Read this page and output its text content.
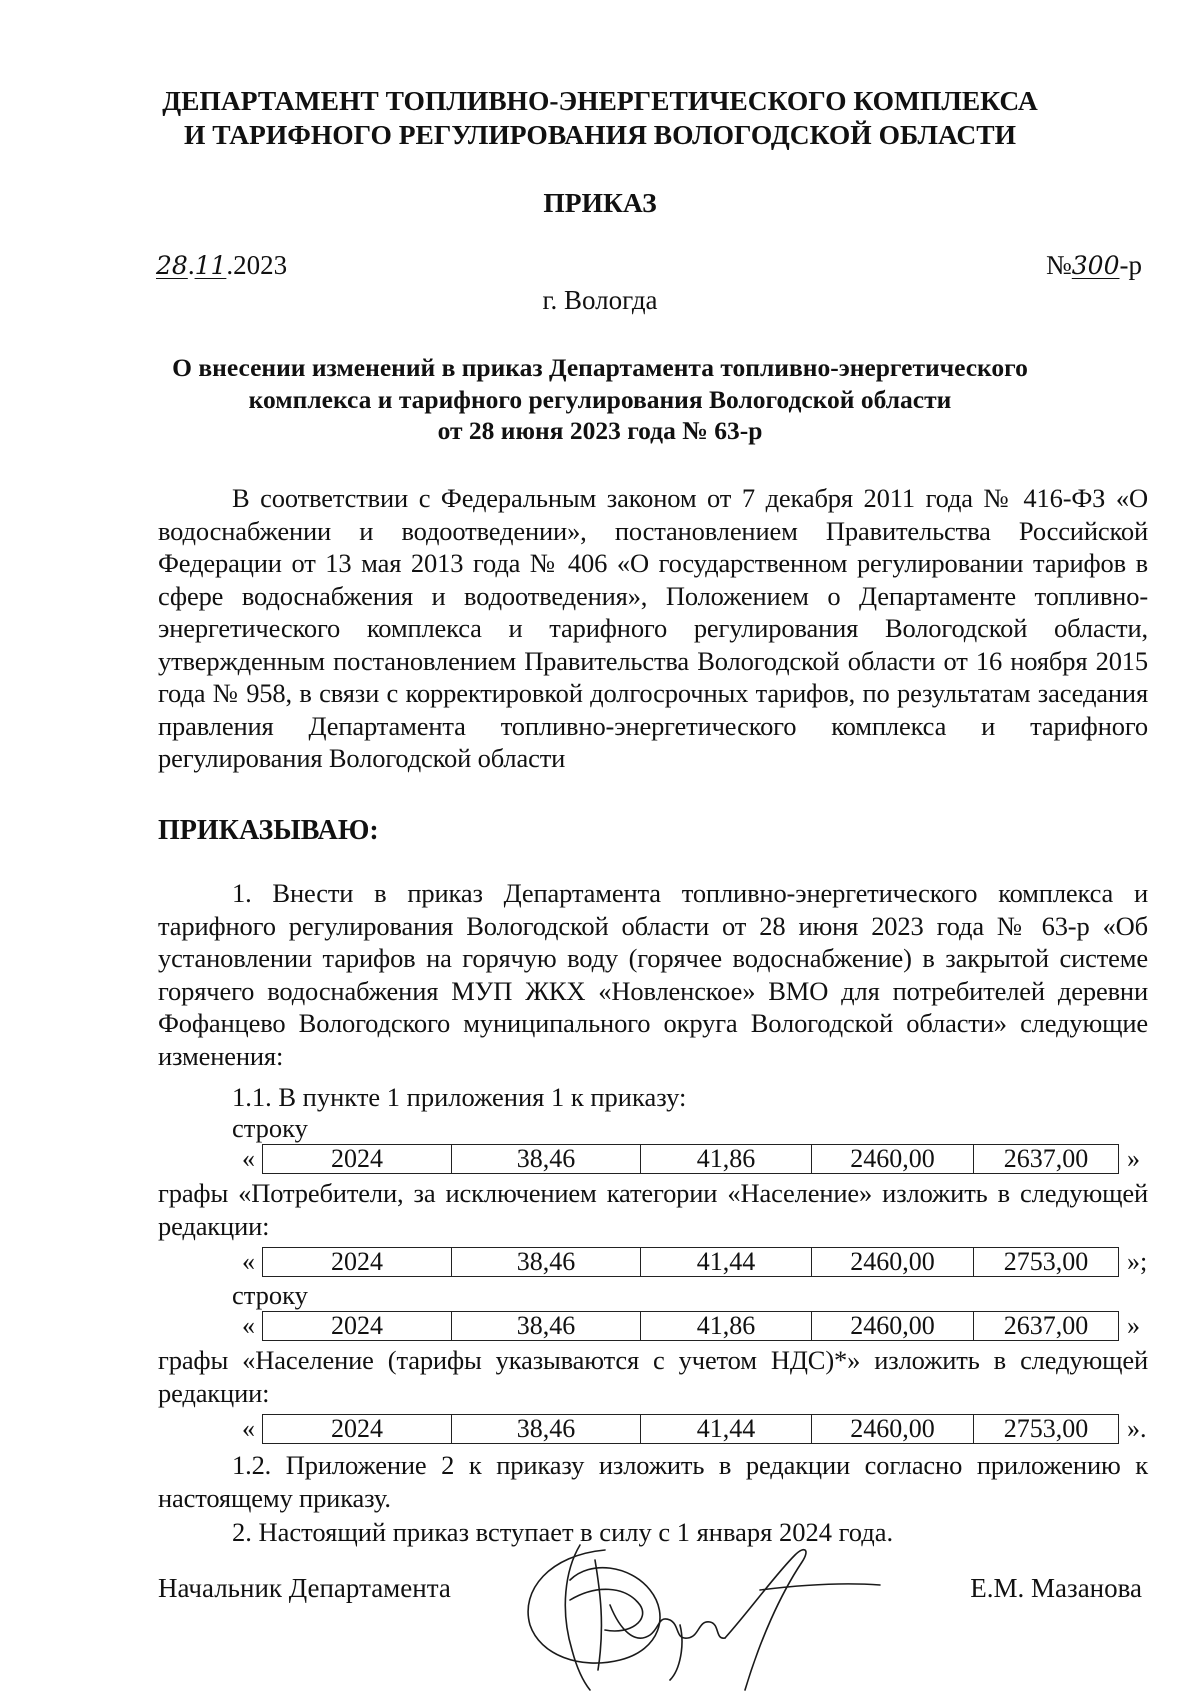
ДЕПАРТАМЕНТ ТОПЛИВНО-ЭНЕРГЕТИЧЕСКОГО КОМПЛЕКСА
И ТАРИФНОГО РЕГУЛИРОВАНИЯ ВОЛОГОДСКОЙ ОБЛАСТИ
ПРИКАЗ
28.11.2023	№300-р
г. Вологда
О внесении изменений в приказ Департамента топливно-энергетического
комплекса и тарифного регулирования Вологодской области
от 28 июня 2023 года № 63-р
В соответствии с Федеральным законом от 7 декабря 2011 года № 416-ФЗ «О водоснабжении и водоотведении», постановлением Правительства Российской Федерации от 13 мая 2013 года № 406 «О государственном регулировании тарифов в сфере водоснабжения и водоотведения», Положением о Департаменте топливно-энергетического комплекса и тарифного регулирования Вологодской области, утвержденным постановлением Правительства Вологодской области от 16 ноября 2015 года № 958, в связи с корректировкой долгосрочных тарифов, по результатам заседания правления Департамента топливно-энергетического комплекса и тарифного регулирования Вологодской области
ПРИКАЗЫВАЮ:
1. Внести в приказ Департамента топливно-энергетического комплекса и тарифного регулирования Вологодской области от 28 июня 2023 года № 63-р «Об установлении тарифов на горячую воду (горячее водоснабжение) в закрытой системе горячего водоснабжения МУП ЖКХ «Новленское» ВМО для потребителей деревни Фофанцево Вологодского муниципального округа Вологодской области» следующие изменения:
1.1. В пункте 1 приложения 1 к приказу:
строку
«	2024	38,46	41,86	2460,00	2637,00 »
графы «Потребители, за исключением категории «Население» изложить в следующей редакции:
«	2024	38,46	41,44	2460,00	2753,00 »;
строку
«	2024	38,46	41,86	2460,00	2637,00 »
графы «Население (тарифы указываются с учетом НДС)*» изложить в следующей редакции:
«	2024	38,46	41,44	2460,00	2753,00 ».
1.2. Приложение 2 к приказу изложить в редакции согласно приложению к настоящему приказу.
2. Настоящий приказ вступает в силу с 1 января 2024 года.
Начальник Департамента	Е.М. Мазанова
